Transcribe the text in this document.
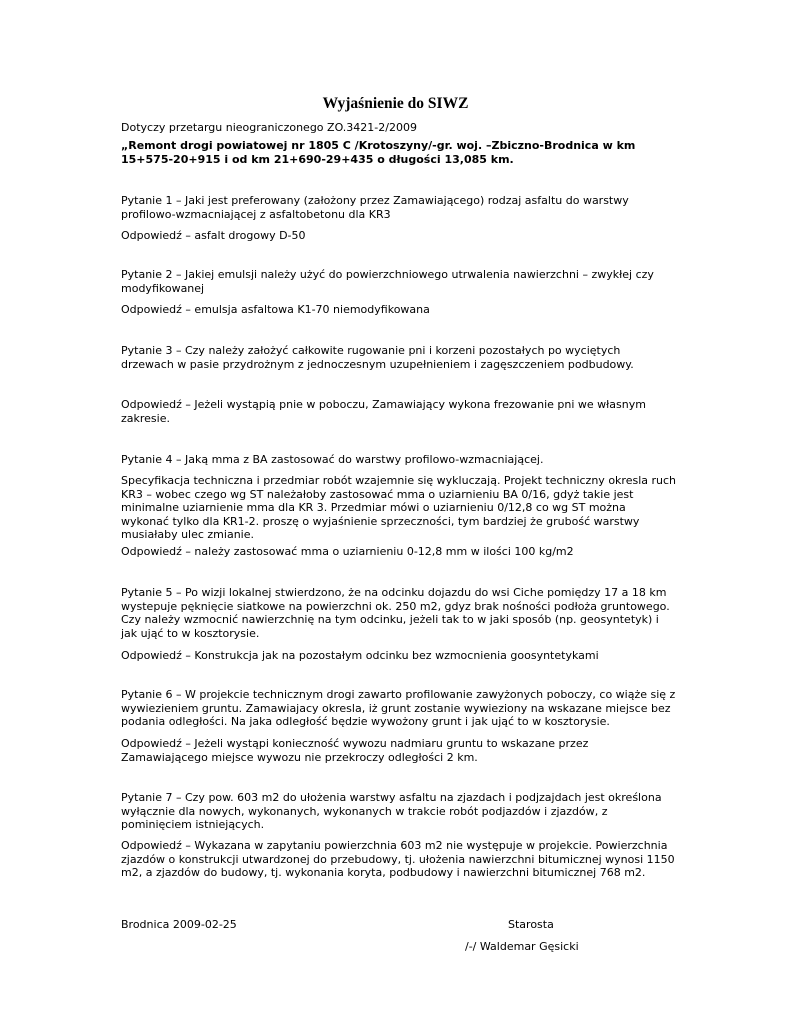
Wyjaśnienie do SIWZ

Dotyczy przetargu nieograniczonego ZO.3421-2/2009

„Remont drogi powiatowej nr 1805 C /Krotoszyny/-gr. woj. –Zbiczno-Brodnica w km 15+575-20+915 i od km 21+690-29+435 o długości 13,085 km.

Pytanie 1 – Jaki jest preferowany (założony przez Zamawiającego) rodzaj asfaltu do warstwy profilowo-wzmacniającej z asfaltobetonu dla KR3

Odpowiedź – asfalt drogowy D-50

Pytanie 2 – Jakiej emulsji należy użyć do powierzchniowego utrwalenia nawierzchni – zwykłej czy modyfikowanej

Odpowiedź – emulsja asfaltowa K1-70 niemodyfikowana

Pytanie 3 – Czy należy założyć całkowite rugowanie pni i korzeni pozostałych po wyciętych drzewach w pasie przydrożnym z jednoczesnym uzupełnieniem i zagęszczeniem podbudowy.

Odpowiedź – Jeżeli wystąpią pnie w poboczu, Zamawiający wykona frezowanie pni we własnym zakresie.

Pytanie 4 – Jaką mma z BA zastosować do warstwy profilowo-wzmacniającej.

Specyfikacja techniczna i przedmiar robót wzajemnie się wykluczają. Projekt techniczny okresla ruch KR3 – wobec czego wg ST należałoby zastosować mma o uziarnieniu BA 0/16, gdyż takie jest minimalne uziarnienie mma dla KR 3. Przedmiar mówi o uziarnieniu 0/12,8 co wg ST można wykonać tylko dla KR1-2. proszę o wyjaśnienie sprzeczności, tym bardziej że grubość warstwy musiałaby ulec zmianie.

Odpowiedź – należy zastosować mma o uziarnieniu 0-12,8 mm w ilości 100 kg/m2

Pytanie 5 – Po wizji lokalnej stwierdzono, że na odcinku dojazdu do wsi Ciche pomiędzy 17 a 18 km wystepuje pęknięcie siatkowe na powierzchni ok. 250 m2, gdyz brak nośności podłoża gruntowego. Czy należy wzmocnić nawierzchnię na tym odcinku, jeżeli tak to w jaki sposób (np. geosyntetyk) i jak ująć to w kosztorysie.

Odpowiedź – Konstrukcja jak na pozostałym odcinku bez wzmocnienia goosyntetykami

Pytanie 6 – W projekcie technicznym drogi zawarto profilowanie zawyżonych poboczy, co wiąże się z wywiezieniem gruntu. Zamawiajacy okresla, iż grunt zostanie wywieziony na wskazane miejsce bez podania odległości. Na jaka odległość będzie wywożony grunt i jak ująć to w kosztorysie.

Odpowiedź – Jeżeli wystąpi konieczność wywozu nadmiaru gruntu to wskazane przez Zamawiającego miejsce wywozu nie przekroczy odległości 2 km.

Pytanie 7 – Czy pow. 603 m2 do ułożenia warstwy asfaltu na zjazdach i podjzajdach jest określona wyłącznie dla nowych, wykonanych, wykonanych w trakcie robót podjazdów i zjazdów, z pominięciem istniejących.

Odpowiedź – Wykazana w zapytaniu powierzchnia 603 m2 nie występuje w projekcie. Powierzchnia zjazdów o konstrukcji utwardzonej do przebudowy, tj. ułożenia nawierzchni bitumicznej wynosi 1150 m2, a zjazdów do budowy, tj. wykonania koryta, podbudowy i nawierzchni bitumicznej 768 m2.

Brodnica 2009-02-25	Starosta
/-/ Waldemar Gęsicki
